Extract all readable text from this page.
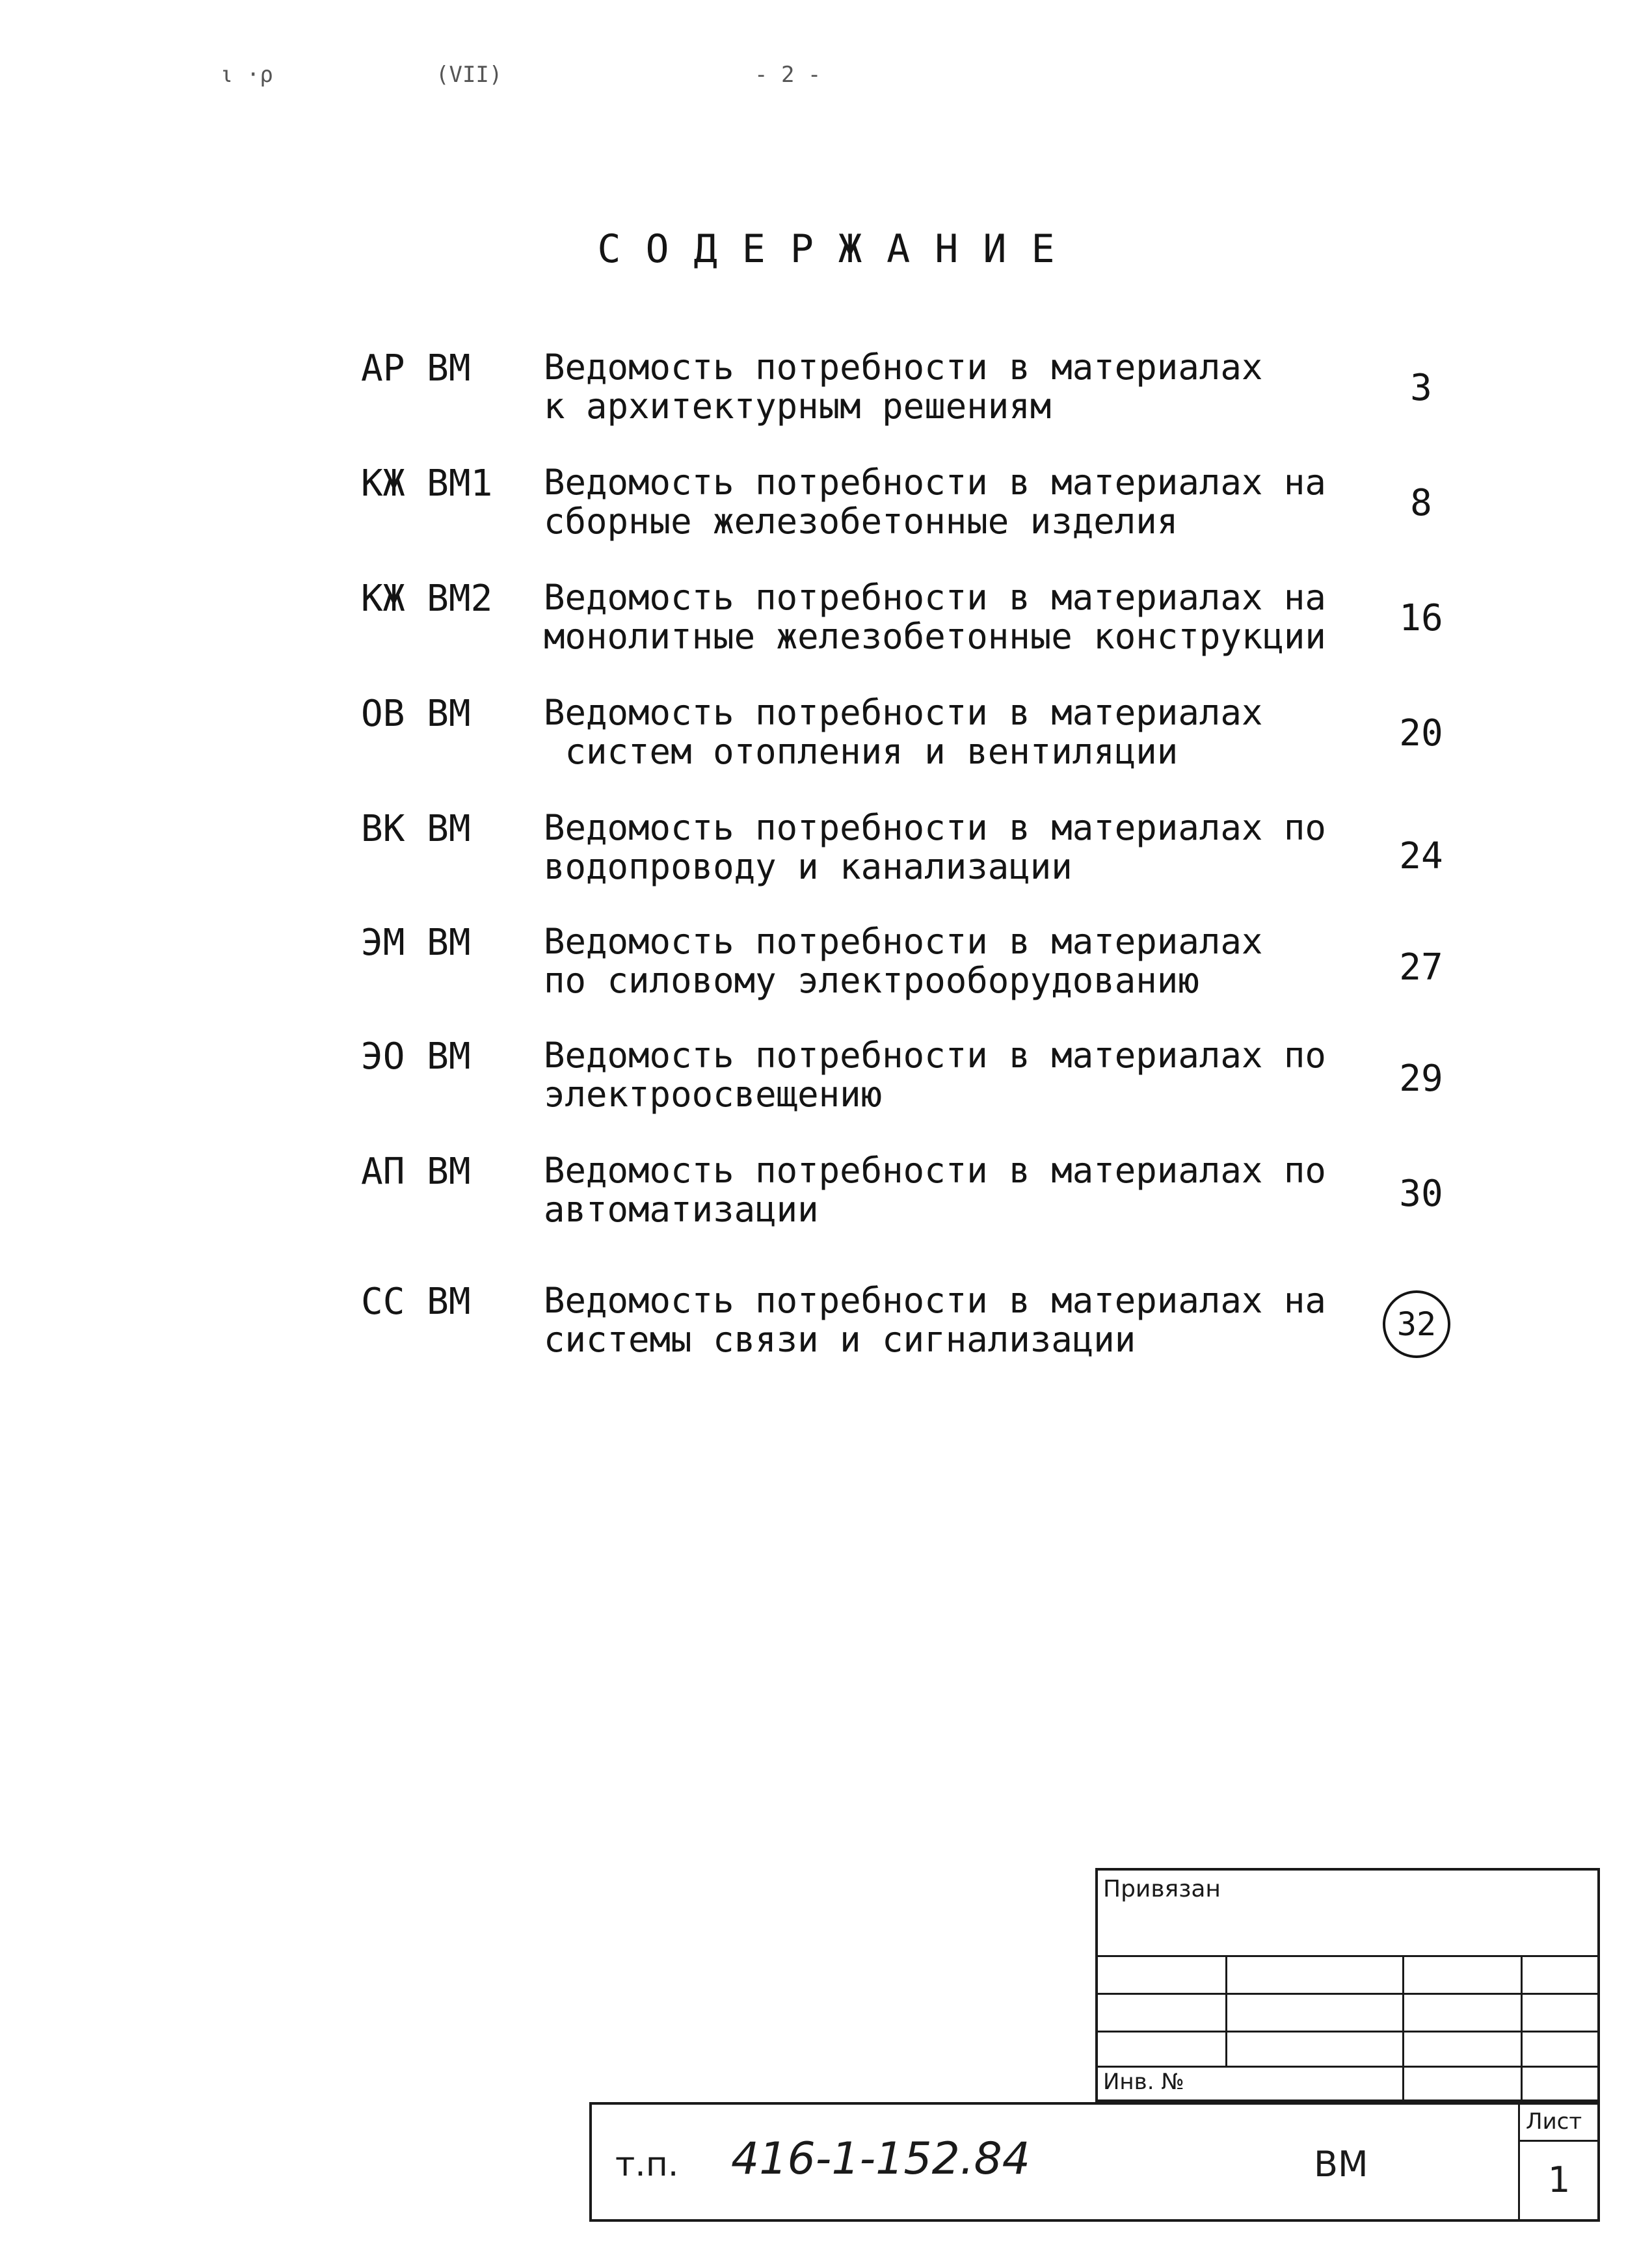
ι ·ρ	(VII)	- 2 -
СОДЕРЖАНИЕ
АР ВМ Ведомость потребности в материалах
к архитектурным решениям	3
КЖ ВМ1 Ведомость потребности в материалах на
сборные железобетонные изделия	8
КЖ ВМ2 Ведомость потребности в материалах на
монолитные железобетонные конструкции	16
ОВ ВМ Ведомость потребности в материалах
систем отопления и вентиляции	20
ВК ВМ Ведомость потребности в материалах по
водопроводу и канализации	24
ЭМ ВМ Ведомость потребности в материалах
по силовому электрооборудованию	27
ЭО ВМ Ведомость потребности в материалах по
электроосвещению	29
АП ВМ Ведомость потребности в материалах по
автоматизации	30
СС ВМ Ведомость потребности в материалах на
системы связи и сигнализации	32
Привязан
Инв. №
т.п. 416-1-152.84	ВМ
Лист
1
